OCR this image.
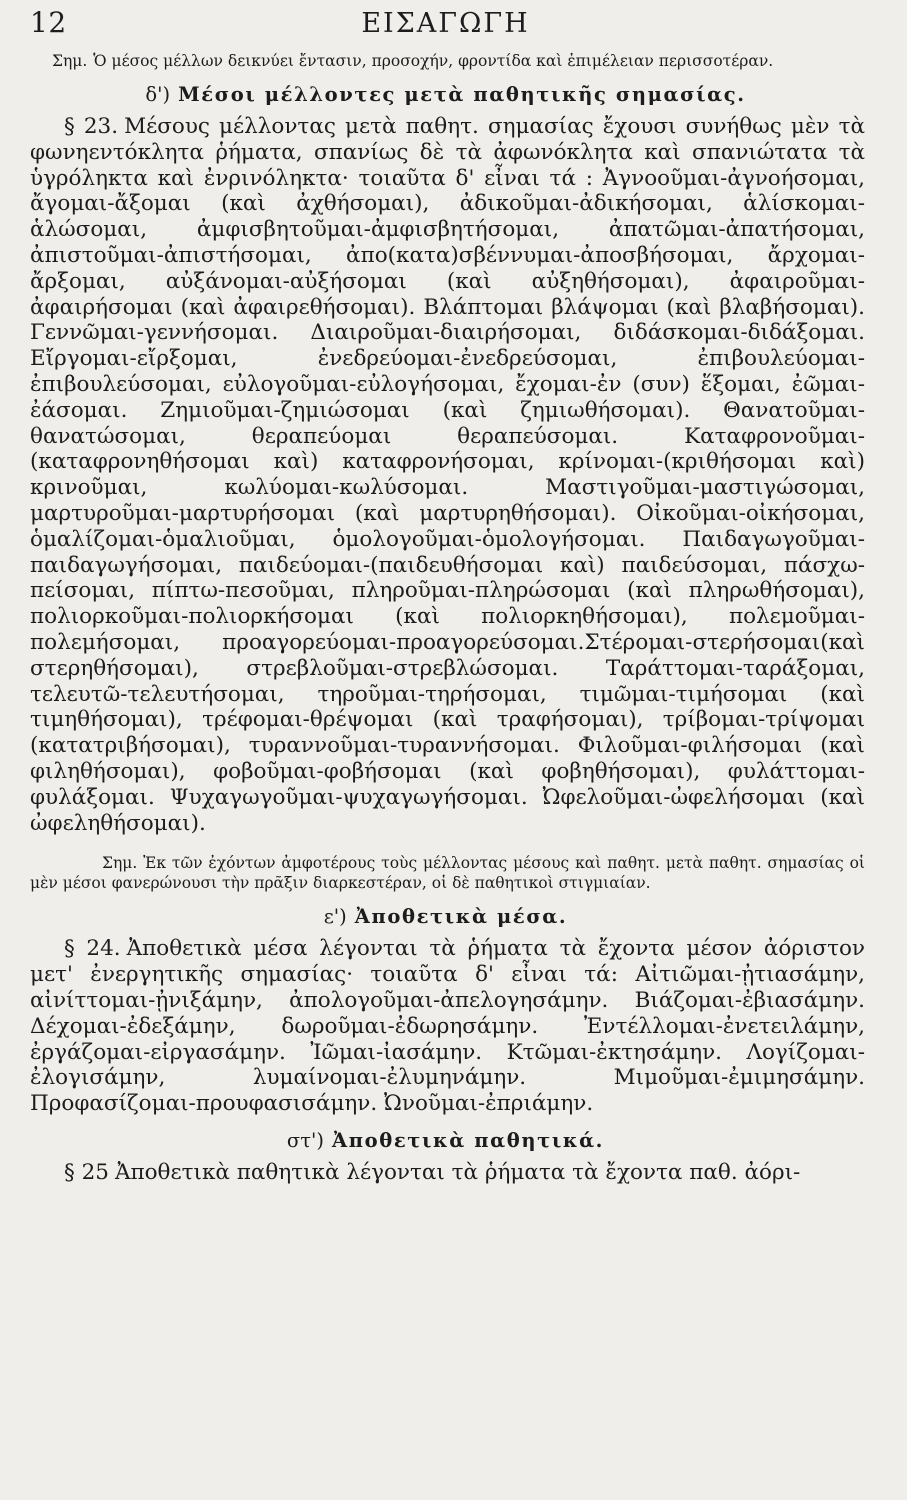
12	ΕΙΣΑΓΩΓΗ

Σημ. Ὁ μέσος μέλλων δεικνύει ἔντασιν, προσοχήν, φροντίδα καὶ ἐπιμέλειαν περισσοτέραν.

δ') Μέσοι μέλλοντες μετὰ παθητικῆς σημασίας.

§ 23. Μέσους μέλλοντας μετὰ παθητ. σημασίας ἔχουσι συνήθως μὲν τὰ φωνηεντόκλητα ῥήματα, σπανίως δὲ τὰ ἀφωνόκλητα καὶ σπανιώτατα τὰ ὑγρόληκτα καὶ ἐνρινόληκτα· τοιαῦτα δ' εἶναι τά : Ἀγνοοῦμαι-ἀγνοήσομαι, ἄγομαι-ἄξομαι (καὶ ἀχθήσομαι), ἀδικοῦμαι-ἀδικήσομαι, ἁλίσκομαι-ἁλώσομαι, ἀμφισβητοῦμαι-ἀμφισβητήσομαι, ἀπατῶμαι-ἀπατήσομαι, ἀπιστοῦμαι-ἀπιστήσομαι, ἀπο(κατα)σβέννυμαι-ἀποσβήσομαι, ἄρχομαι-ἄρξομαι, αὐξάνομαι-αὐξήσομαι (καὶ αὐξηθήσομαι), ἀφαιροῦμαι-ἀφαιρήσομαι (καὶ ἀφαιρεθήσομαι). Βλάπτομαι βλάψομαι (καὶ βλαβήσομαι). Γεννῶμαι-γεννήσομαι. Διαιροῦμαι-διαιρήσομαι, διδάσκομαι-διδάξομαι. Εἴργομαι-εἴρξομαι, ἐνεδρεύομαι-ἐνεδρεύσομαι, ἐπιβουλεύομαι-ἐπιβουλεύσομαι, εὐλογοῦμαι-εὐλογήσομαι, ἔχομαι-ἐν (συν) ἕξομαι, ἐῶμαι-ἐάσομαι. Ζημιοῦμαι-ζημιώσομαι (καὶ ζημιωθήσομαι). Θανατοῦμαι-θανατώσομαι, θεραπεύομαι θεραπεύσομαι. Καταφρονοῦμαι-(καταφρονηθήσομαι καὶ) καταφρονήσομαι, κρίνομαι-(κριθήσομαι καὶ) κρινοῦμαι, κωλύομαι-κωλύσομαι. Μαστιγοῦμαι-μαστιγώσομαι, μαρτυροῦμαι-μαρτυρήσομαι (καὶ μαρτυρηθήσομαι). Οἰκοῦμαι-οἰκήσομαι, ὁμαλίζομαι-ὁμαλιοῦμαι, ὁμολογοῦμαι-ὁμολογήσομαι. Παιδαγωγοῦμαι-παιδαγωγήσομαι, παιδεύομαι-(παιδευθήσομαι καὶ) παιδεύσομαι, πάσχω-πείσομαι, πίπτω-πεσοῦμαι, πληροῦμαι-πληρώσομαι (καὶ πληρωθήσομαι), πολιορκοῦμαι-πολιορκήσομαι (καὶ πολιορκηθήσομαι), πολεμοῦμαι-πολεμήσομαι, προαγορεύομαι-προαγορεύσομαι.Στέρομαι-στερήσομαι(καὶ στερηθήσομαι), στρεβλοῦμαι-στρεβλώσομαι. Ταράττομαι-ταράξομαι, τελευτῶ-τελευτήσομαι, τηροῦμαι-τηρήσομαι, τιμῶμαι-τιμήσομαι (καὶ τιμηθήσομαι), τρέφομαι-θρέψομαι (καὶ τραφήσομαι), τρίβομαι-τρίψομαι (κατατριβήσομαι), τυραννοῦμαι-τυραννήσομαι. Φιλοῦμαι-φιλήσομαι (καὶ φιληθήσομαι), φοβοῦμαι-φοβήσομαι (καὶ φοβηθήσομαι), φυλάττομαι-φυλάξομαι. Ψυχαγωγοῦμαι-ψυχαγωγήσομαι. Ὠφελοῦμαι-ὠφελήσομαι (καὶ ὠφεληθήσομαι).

Σημ. Ἐκ τῶν ἐχόντων ἀμφοτέρους τοὺς μέλλοντας μέσους καὶ παθητ. μετὰ παθητ. σημασίας οἱ μὲν μέσοι φανερώνουσι τὴν πρᾶξιν διαρκεστέραν, οἱ δὲ παθητικοὶ στιγμιαίαν.

ε') Ἀποθετικὰ μέσα.

§ 24. Ἀποθετικὰ μέσα λέγονται τὰ ῥήματα τὰ ἔχοντα μέσον ἀόριστον μετ' ἐνεργητικῆς σημασίας· τοιαῦτα δ' εἶναι τά: Αἰτιῶμαι-ᾐτιασάμην, αἰνίττομαι-ᾐνιξάμην, ἀπολογοῦμαι-ἀπελογησάμην. Βιάζομαι-ἐβιασάμην. Δέχομαι-ἐδεξάμην, δωροῦμαι-ἐδωρησάμην. Ἐντέλλομαι-ἐνετειλάμην, ἐργάζομαι-εἰργασάμην. Ἰῶμαι-ἰασάμην. Κτῶμαι-ἐκτησάμην. Λογίζομαι-ἐλογισάμην, λυμαίνομαι-ἐλυμηνάμην. Μιμοῦμαι-ἐμιμησάμην. Προφασίζομαι-προυφασισάμην. Ὠνοῦμαι-ἐπριάμην.

στ') Ἀποθετικὰ παθητικά.

§ 25 Ἀποθετικὰ παθητικὰ λέγονται τὰ ῥήματα τὰ ἔχοντα παθ. ἀόρι-
